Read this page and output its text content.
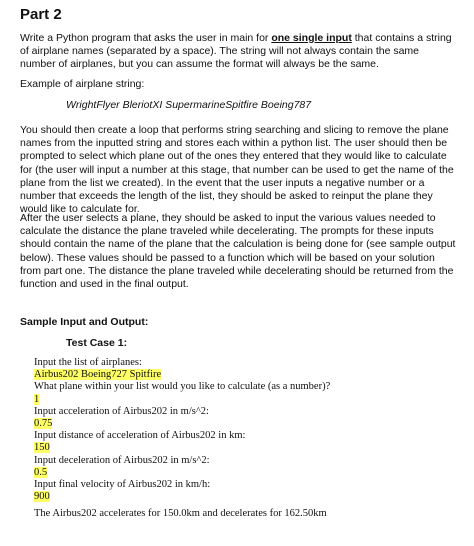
Part 2

Write a Python program that asks the user in main for one single input that contains a string of airplane names (separated by a space). The string will not always contain the same number of airplanes, but you can assume the format will always be the same.

Example of airplane string:

WrightFlyer BleriotXI SupermarineSpitfire Boeing787

You should then create a loop that performs string searching and slicing to remove the plane names from the inputted string and stores each within a python list. The user should then be prompted to select which plane out of the ones they entered that they would like to calculate for (the user will input a number at this stage, that number can be used to get the name of the plane from the list we created). In the event that the user inputs a negative number or a number that exceeds the length of the list, they should be asked to reinput the plane they would like to calculate for.

After the user selects a plane, they should be asked to input the various values needed to calculate the distance the plane traveled while decelerating. The prompts for these inputs should contain the name of the plane that the calculation is being done for (see sample output below). These values should be passed to a function which will be based on your solution from part one. The distance the plane traveled while decelerating should be returned from the function and used in the final output.

Sample Input and Output:

Test Case 1:

Input the list of airplanes:
Airbus202 Boeing727 Spitfire
What plane within your list would you like to calculate (as a number)?
1
Input acceleration of Airbus202 in m/s^2:
0.75
Input distance of acceleration of Airbus202 in km:
150
Input deceleration of Airbus202 in m/s^2:
0.5
Input final velocity of Airbus202 in km/h:
900

The Airbus202 accelerates for 150.0km and decelerates for 162.50km
